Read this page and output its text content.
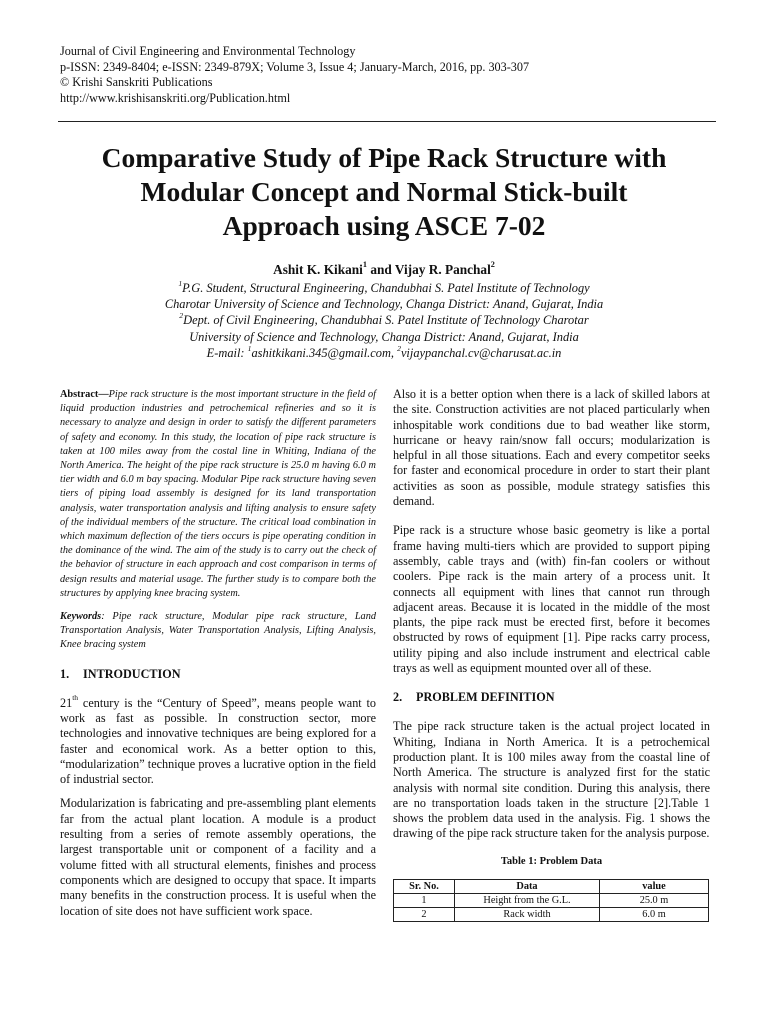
Journal of Civil Engineering and Environmental Technology
p-ISSN: 2349-8404; e-ISSN: 2349-879X; Volume 3, Issue 4; January-March, 2016, pp. 303-307
© Krishi Sanskriti Publications
http://www.krishisanskriti.org/Publication.html
Comparative Study of Pipe Rack Structure with
Modular Concept and Normal Stick-built
Approach using ASCE 7-02
Ashit K. Kikani$^1$ and Vijay R. Panchal$^2$
$^1$P.G. Student, Structural Engineering, Chandubhai S. Patel Institute of Technology
Charotar University of Science and Technology, Changa District: Anand, Gujarat, India
$^2$Dept. of Civil Engineering, Chandubhai S. Patel Institute of Technology Charotar
University of Science and Technology, Changa District: Anand, Gujarat, India
E-mail: $^1$ashitkikani.345@gmail.com, $^2$vijaypanchal.cv@charusat.ac.in

Abstract—Pipe rack structure is the most important structure in the field of liquid production industries and petrochemical refineries and so it is necessary to analyze and design in order to satisfy the different parameters of safety and economy. In this study, the location of pipe rack structure is taken at 100 miles away from the costal line in Whiting, Indiana of the North America. The height of the pipe rack structure is 25.0 m having 6.0 m tier width and 6.0 m bay spacing. Modular Pipe rack structure having seven tiers of piping load assembly is designed for its land transportation analysis, water transportation analysis and lifting analysis to ensure safety of the individual members of the structure. The critical load combination in which maximum deflection of the tiers occurs is pipe operating condition in the dominance of the wind. The aim of the study is to carry out the check of the behavior of structure in each approach and cost comparison in terms of design results and material usage. The further study is to compare both the structures by applying knee bracing system.

Keywords: Pipe rack structure, Modular pipe rack structure, Land Transportation Analysis, Water Transportation Analysis, Lifting Analysis, Knee bracing system

1. INTRODUCTION

21th century is the “Century of Speed”, means people want to work as fast as possible. In construction sector, more technologies and innovative techniques are being explored for a faster and economical work. As a better option to this, “modularization” technique proves a lucrative option in the field of industrial sector.

Modularization is fabricating and pre-assembling plant elements far from the actual plant location. A module is a product resulting from a series of remote assembly operations, the largest transportable unit or component of a facility and a volume fitted with all structural elements, finishes and process components which are designed to occupy that space. It imparts many benefits in the construction process. It is useful when the location of site does not have sufficient work space.

Also it is a better option when there is a lack of skilled labors at the site. Construction activities are not placed particularly when inhospitable work conditions due to bad weather like storm, hurricane or heavy rain/snow fall occurs; modularization is helpful in all those situations. Each and every competitor seeks for faster and economical procedure in order to start their plant activities as soon as possible, module strategy satisfies this demand.

Pipe rack is a structure whose basic geometry is like a portal frame having multi-tiers which are provided to support piping assembly, cable trays and (with) fin-fan coolers or without coolers. Pipe rack is the main artery of a process unit. It connects all equipment with lines that cannot run through adjacent areas. Because it is located in the middle of the most plants, the pipe rack must be erected first, before it becomes obstructed by rows of equipment [1]. Pipe racks carry process, utility piping and also include instrument and electrical cable trays as well as equipment mounted over all of these.

2. PROBLEM DEFINITION

The pipe rack structure taken is the actual project located in Whiting, Indiana in North America. It is a petrochemical production plant. It is 100 miles away from the coastal line of North America. The structure is analyzed first for the static analysis with normal site condition. During this analysis, there are no transportation loads taken in the structure [2].Table 1 shows the problem data used in the analysis. Fig. 1 shows the drawing of the pipe rack structure taken for the analysis purpose.

Table 1: Problem Data
Sr. No.	Data	value
1	Height from the G.L.	25.0 m
2	Rack width	6.0 m
